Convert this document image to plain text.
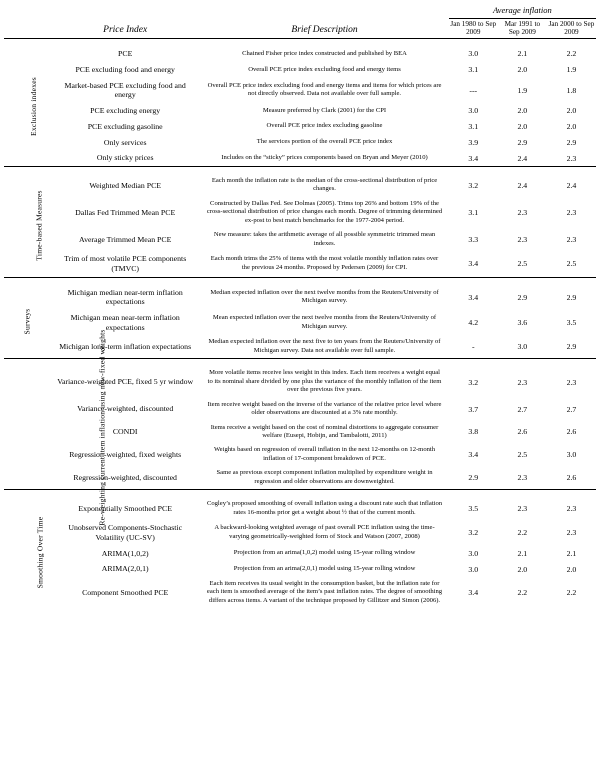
			Average inflation		

	Price Index	Brief Description	Jan 1980 to Sep 2009	Mar 1991 to Sep 2009	Jan 2000 to Sep 2009

Exclusion indexes	PCE	Chained Fisher price index constructed and published by BEA	3.0	2.1	2.2
	PCE excluding food and energy	Overall PCE price index excluding food and energy items	3.1	2.0	1.9
	Market-based PCE excluding food and energy	Overall PCE price index excluding food and energy items and items for which prices are not directly observed. Data not available over full sample.	---	1.9	1.8
	PCE excluding energy	Measure preferred by Clark (2001) for the CPI	3.0	2.0	2.0
	PCE excluding gasoline	Overall PCE price index excluding gasoline	3.1	2.0	2.0
	Only services	The services portion of the overall PCE price index	3.9	2.9	2.9
	Only sticky prices	Includes on the “sticky” prices components based on Bryan and Meyer (2010)	3.4	2.4	2.3

Time-based Measures	Weighted Median PCE	Each month the inflation rate is the median of the cross-sectional distribution of price changes.	3.2	2.4	2.4
	Dallas Fed Trimmed Mean PCE	Constructed by Dallas Fed. See Dolmas (2005). Trims top 26% and bottom 19% of the cross-sectional distribution of price changes each month. Degree of trimming determined ex-post to best match benchmarks for the 1977-2004 period.	3.1	2.3	2.3
	Average Trimmed Mean PCE	New measure: takes the arithmetic average of all possible symmetric trimmed mean indexes.	3.3	2.3	2.3
	Trim of most volatile PCE components (TMVC)	Each month trims the 25% of items with the most volatile monthly inflation rates over the previous 24 months. Proposed by Pedersen (2009) for CPI.	3.4	2.5	2.5

Surveys	Michigan median near-term inflation expectations	Median expected inflation over the next twelve months from the Reuters/University of Michigan survey.	3.4	2.9	2.9
	Michigan mean near-term inflation expectations	Mean expected inflation over the next twelve months from the Reuters/University of Michigan survey.	4.2	3.6	3.5
	Michigan long-term inflation expectations	Median expected inflation over the next five to ten years from the Reuters/University of Michigan survey. Data not available over full sample.	-	3.0	2.9

Re-weighting current item inflation using new-fixed weights	Variance-weighted PCE, fixed 5 yr window	More volatile items receive less weight in this index. Each item receives a weight equal to its nominal share divided by one plus the variance of the monthly inflation of the item over the previous five years.	3.2	2.3	2.3
	Variance-weighted, discounted	Item receive weight based on the inverse of the variance of the relative price level where older observations are discounted at a 3% rate monthly.	3.7	2.7	2.7
	CONDI	Items receive a weight based on the cost of nominal distortions to aggregate consumer welfare (Eusepi, Hobijn, and Tambalotti, 2011)	3.8	2.6	2.6
	Regression-weighted, fixed weights	Weights based on regression of overall inflation in the next 12-months on 12-month inflation of 17-component breakdown of PCE.	3.4	2.5	3.0
	Regression-weighted, discounted	Same as previous except component inflation multiplied by expenditure weight in regression and older observations are downweighted.	2.9	2.3	2.6

Smoothing Over Time	Exponentially Smoothed PCE	Cogley’s proposed smoothing of overall inflation using a discount rate such that inflation rates 16-months prior get a weight about ½ that of the current month.	3.5	2.3	2.3
	Unobserved Components-Stochastic Volatility (UC-SV)	A backward-looking weighted average of past overall PCE inflation using the time-varying geometrically-weighted form of Stock and Watson (2007, 2008)	3.2	2.2	2.3
	ARIMA(1,0,2)	Projection from an arima(1,0,2) model using 15-year rolling window	3.0	2.1	2.1
	ARIMA(2,0,1)	Projection from an arima(2,0,1) model using 15-year rolling window	3.0	2.0	2.0
	Component Smoothed PCE	Each item receives its usual weight in the consumption basket, but the inflation rate for each item is smoothed average of the item’s past inflation rates. The degree of smoothing differs across items. A variant of the technique proposed by Gillitzer and Simon (2006).	3.4	2.2	2.2
